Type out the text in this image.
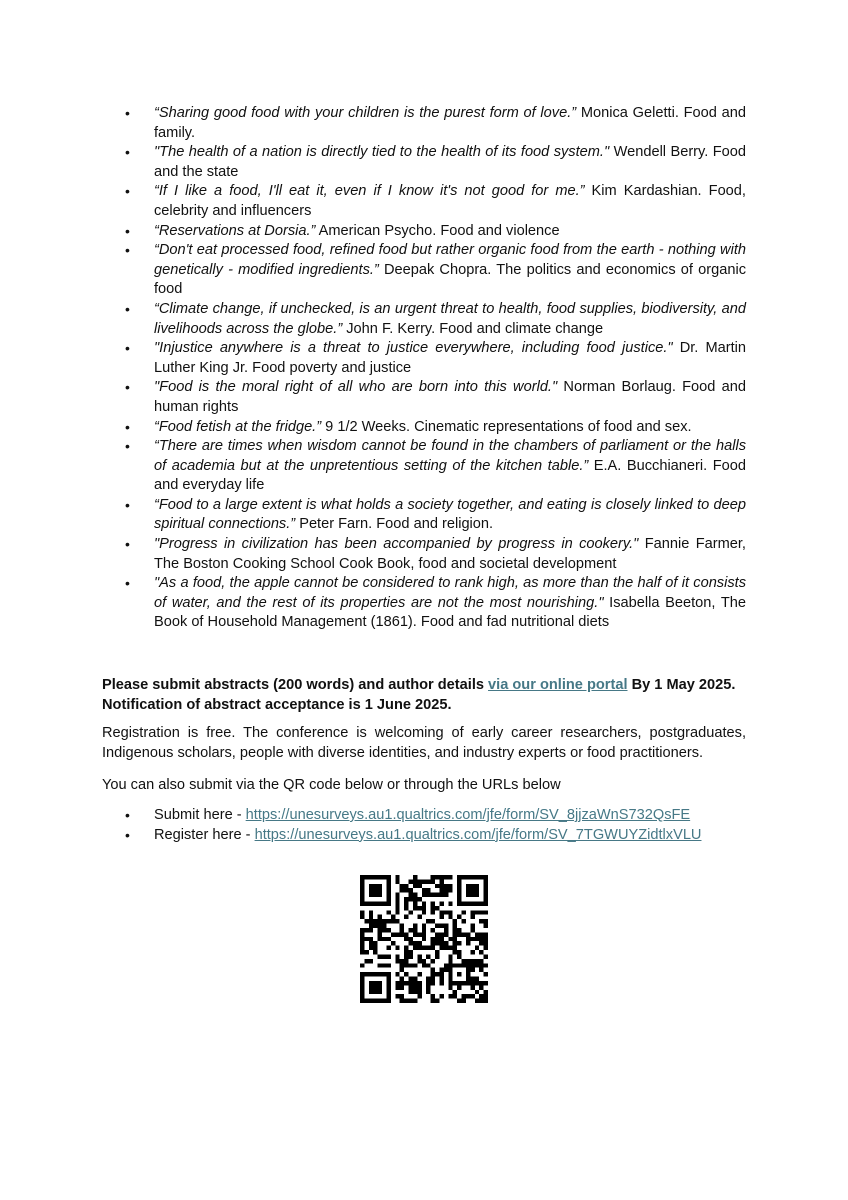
• “Sharing good food with your children is the purest form of love.” Monica Geletti. Food and family.
• "The health of a nation is directly tied to the health of its food system." Wendell Berry. Food and the state
• “If I like a food, I'll eat it, even if I know it's not good for me.” Kim Kardashian. Food, celebrity and influencers
• “Reservations at Dorsia.” American Psycho. Food and violence
• “Don't eat processed food, refined food but rather organic food from the earth - nothing with genetically - modified ingredients.” Deepak Chopra. The politics and economics of organic food
• “Climate change, if unchecked, is an urgent threat to health, food supplies, biodiversity, and livelihoods across the globe.” John F. Kerry. Food and climate change
• "Injustice anywhere is a threat to justice everywhere, including food justice." Dr. Martin Luther King Jr. Food poverty and justice
• "Food is the moral right of all who are born into this world." Norman Borlaug. Food and human rights
• “Food fetish at the fridge.” 9 1/2 Weeks. Cinematic representations of food and sex.
• “There are times when wisdom cannot be found in the chambers of parliament or the halls of academia but at the unpretentious setting of the kitchen table.” E.A. Bucchianeri. Food and everyday life
• “Food to a large extent is what holds a society together, and eating is closely linked to deep spiritual connections.” Peter Farn. Food and religion.
• "Progress in civilization has been accompanied by progress in cookery." Fannie Farmer, The Boston Cooking School Cook Book, food and societal development
• "As a food, the apple cannot be considered to rank high, as more than the half of it consists of water, and the rest of its properties are not the most nourishing." Isabella Beeton, The Book of Household Management (1861). Food and fad nutritional diets

Please submit abstracts (200 words) and author details via our online portal By 1 May 2025. Notification of abstract acceptance is 1 June 2025.

Registration is free. The conference is welcoming of early career researchers, postgraduates, Indigenous scholars, people with diverse identities, and industry experts or food practitioners.

You can also submit via the QR code below or through the URLs below

• Submit here - https://unesurveys.au1.qualtrics.com/jfe/form/SV_8jjzaWnS732QsFE
• Register here - https://unesurveys.au1.qualtrics.com/jfe/form/SV_7TGWUYZidtlxVLU
